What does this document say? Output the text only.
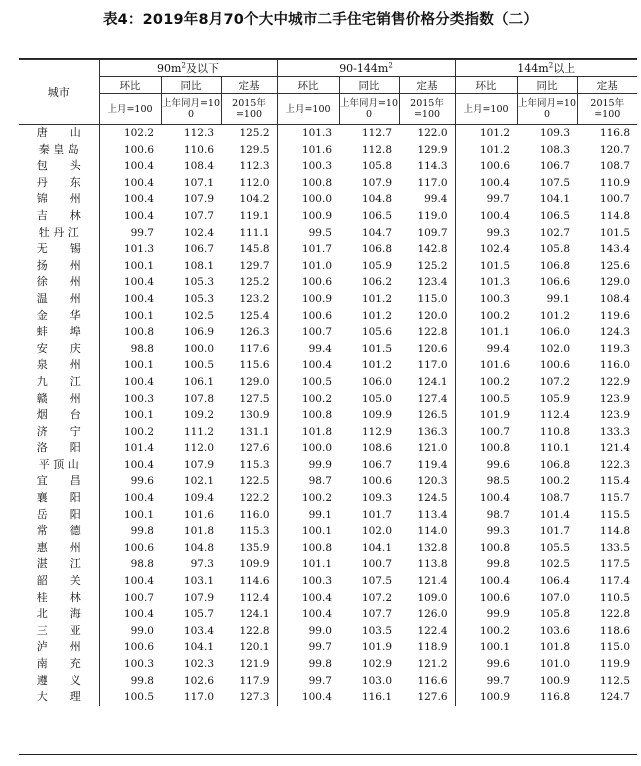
表4：2019年8月70个大中城市二手住宅销售价格分类指数（二）
城市	$90m^2$及以下			$90-144m^2$			$144m^2$以上		
	环比	同比	定基	环比	同比	定基	环比	同比	定基
	上月=100	上年同月=100	2015年=100	上月=100	上年同月=100	2015年=100	上月=100	上年同月=100	2015年=100
唐　　山	102.2	112.3	125.2	101.3	112.7	122.0	101.2	109.3	116.8
秦 皇 岛	100.6	110.6	129.5	101.6	112.8	129.9	101.2	108.3	120.7
包　　头	100.4	108.4	112.3	100.3	105.8	114.3	100.6	106.7	108.7
丹　　东	100.4	107.1	112.0	100.8	107.9	117.0	100.4	107.5	110.9
锦　　州	100.4	107.9	104.2	100.0	104.8	99.4	99.7	104.1	100.7
吉　　林	100.4	107.7	119.1	100.9	106.5	119.0	100.4	106.5	114.8
牡 丹 江	99.7	102.4	111.1	99.5	104.7	109.7	99.3	102.7	101.5
无　　锡	101.3	106.7	145.8	101.7	106.8	142.8	102.4	105.8	143.4
扬　　州	100.1	108.1	129.7	101.0	105.9	125.2	101.5	106.8	125.6
徐　　州	100.4	105.3	125.2	100.6	106.2	123.4	101.3	106.6	129.0
温　　州	100.4	105.3	123.2	100.9	101.2	115.0	100.3	99.1	108.4
金　　华	100.1	102.5	125.4	100.6	101.2	120.0	100.2	101.2	119.6
蚌　　埠	100.8	106.9	126.3	100.7	105.6	122.8	101.1	106.0	124.3
安　　庆	98.8	100.0	117.6	99.4	101.5	120.6	99.4	102.0	119.3
泉　　州	100.1	100.5	115.6	100.4	101.2	117.0	101.6	100.6	116.0
九　　江	100.4	106.1	129.0	100.5	106.0	124.1	100.2	107.2	122.9
赣　　州	100.3	107.8	127.5	100.2	105.0	127.4	100.5	105.9	123.9
烟　　台	100.1	109.2	130.9	100.8	109.9	126.5	101.9	112.4	123.9
济　　宁	100.2	111.2	131.1	101.8	112.9	136.3	100.7	110.8	133.3
洛　　阳	101.4	112.0	127.6	100.0	108.6	121.0	100.8	110.1	121.4
平 顶 山	100.4	107.9	115.3	99.9	106.7	119.4	99.6	106.8	122.3
宜　　昌	99.6	102.1	122.5	98.7	100.6	120.3	98.5	100.2	115.4
襄　　阳	100.4	109.4	122.2	100.2	109.3	124.5	100.4	108.7	115.7
岳　　阳	100.1	101.6	116.0	99.1	101.7	113.4	98.7	101.4	115.5
常　　德	99.8	101.8	115.3	100.1	102.0	114.0	99.3	101.7	114.8
惠　　州	100.6	104.8	135.9	100.8	104.1	132.8	100.8	105.5	133.5
湛　　江	98.8	97.3	109.9	101.1	100.7	113.8	99.8	102.5	117.5
韶　　关	100.4	103.1	114.6	100.3	107.5	121.4	100.4	106.4	117.4
桂　　林	100.7	107.9	112.4	100.4	107.2	109.0	100.6	107.0	110.5
北　　海	100.4	105.7	124.1	100.4	107.7	126.0	99.9	105.8	122.8
三　　亚	99.0	103.4	122.8	99.0	103.5	122.4	100.2	103.6	118.6
泸　　州	100.6	104.1	120.1	99.7	101.9	118.9	100.1	101.8	115.0
南　　充	100.3	102.3	121.9	99.8	102.9	121.2	99.6	101.0	119.9
遵　　义	99.8	102.6	117.9	99.7	103.0	116.6	99.7	100.9	112.5
大　　理	100.5	117.0	127.3	100.4	116.1	127.6	100.9	116.8	124.7
